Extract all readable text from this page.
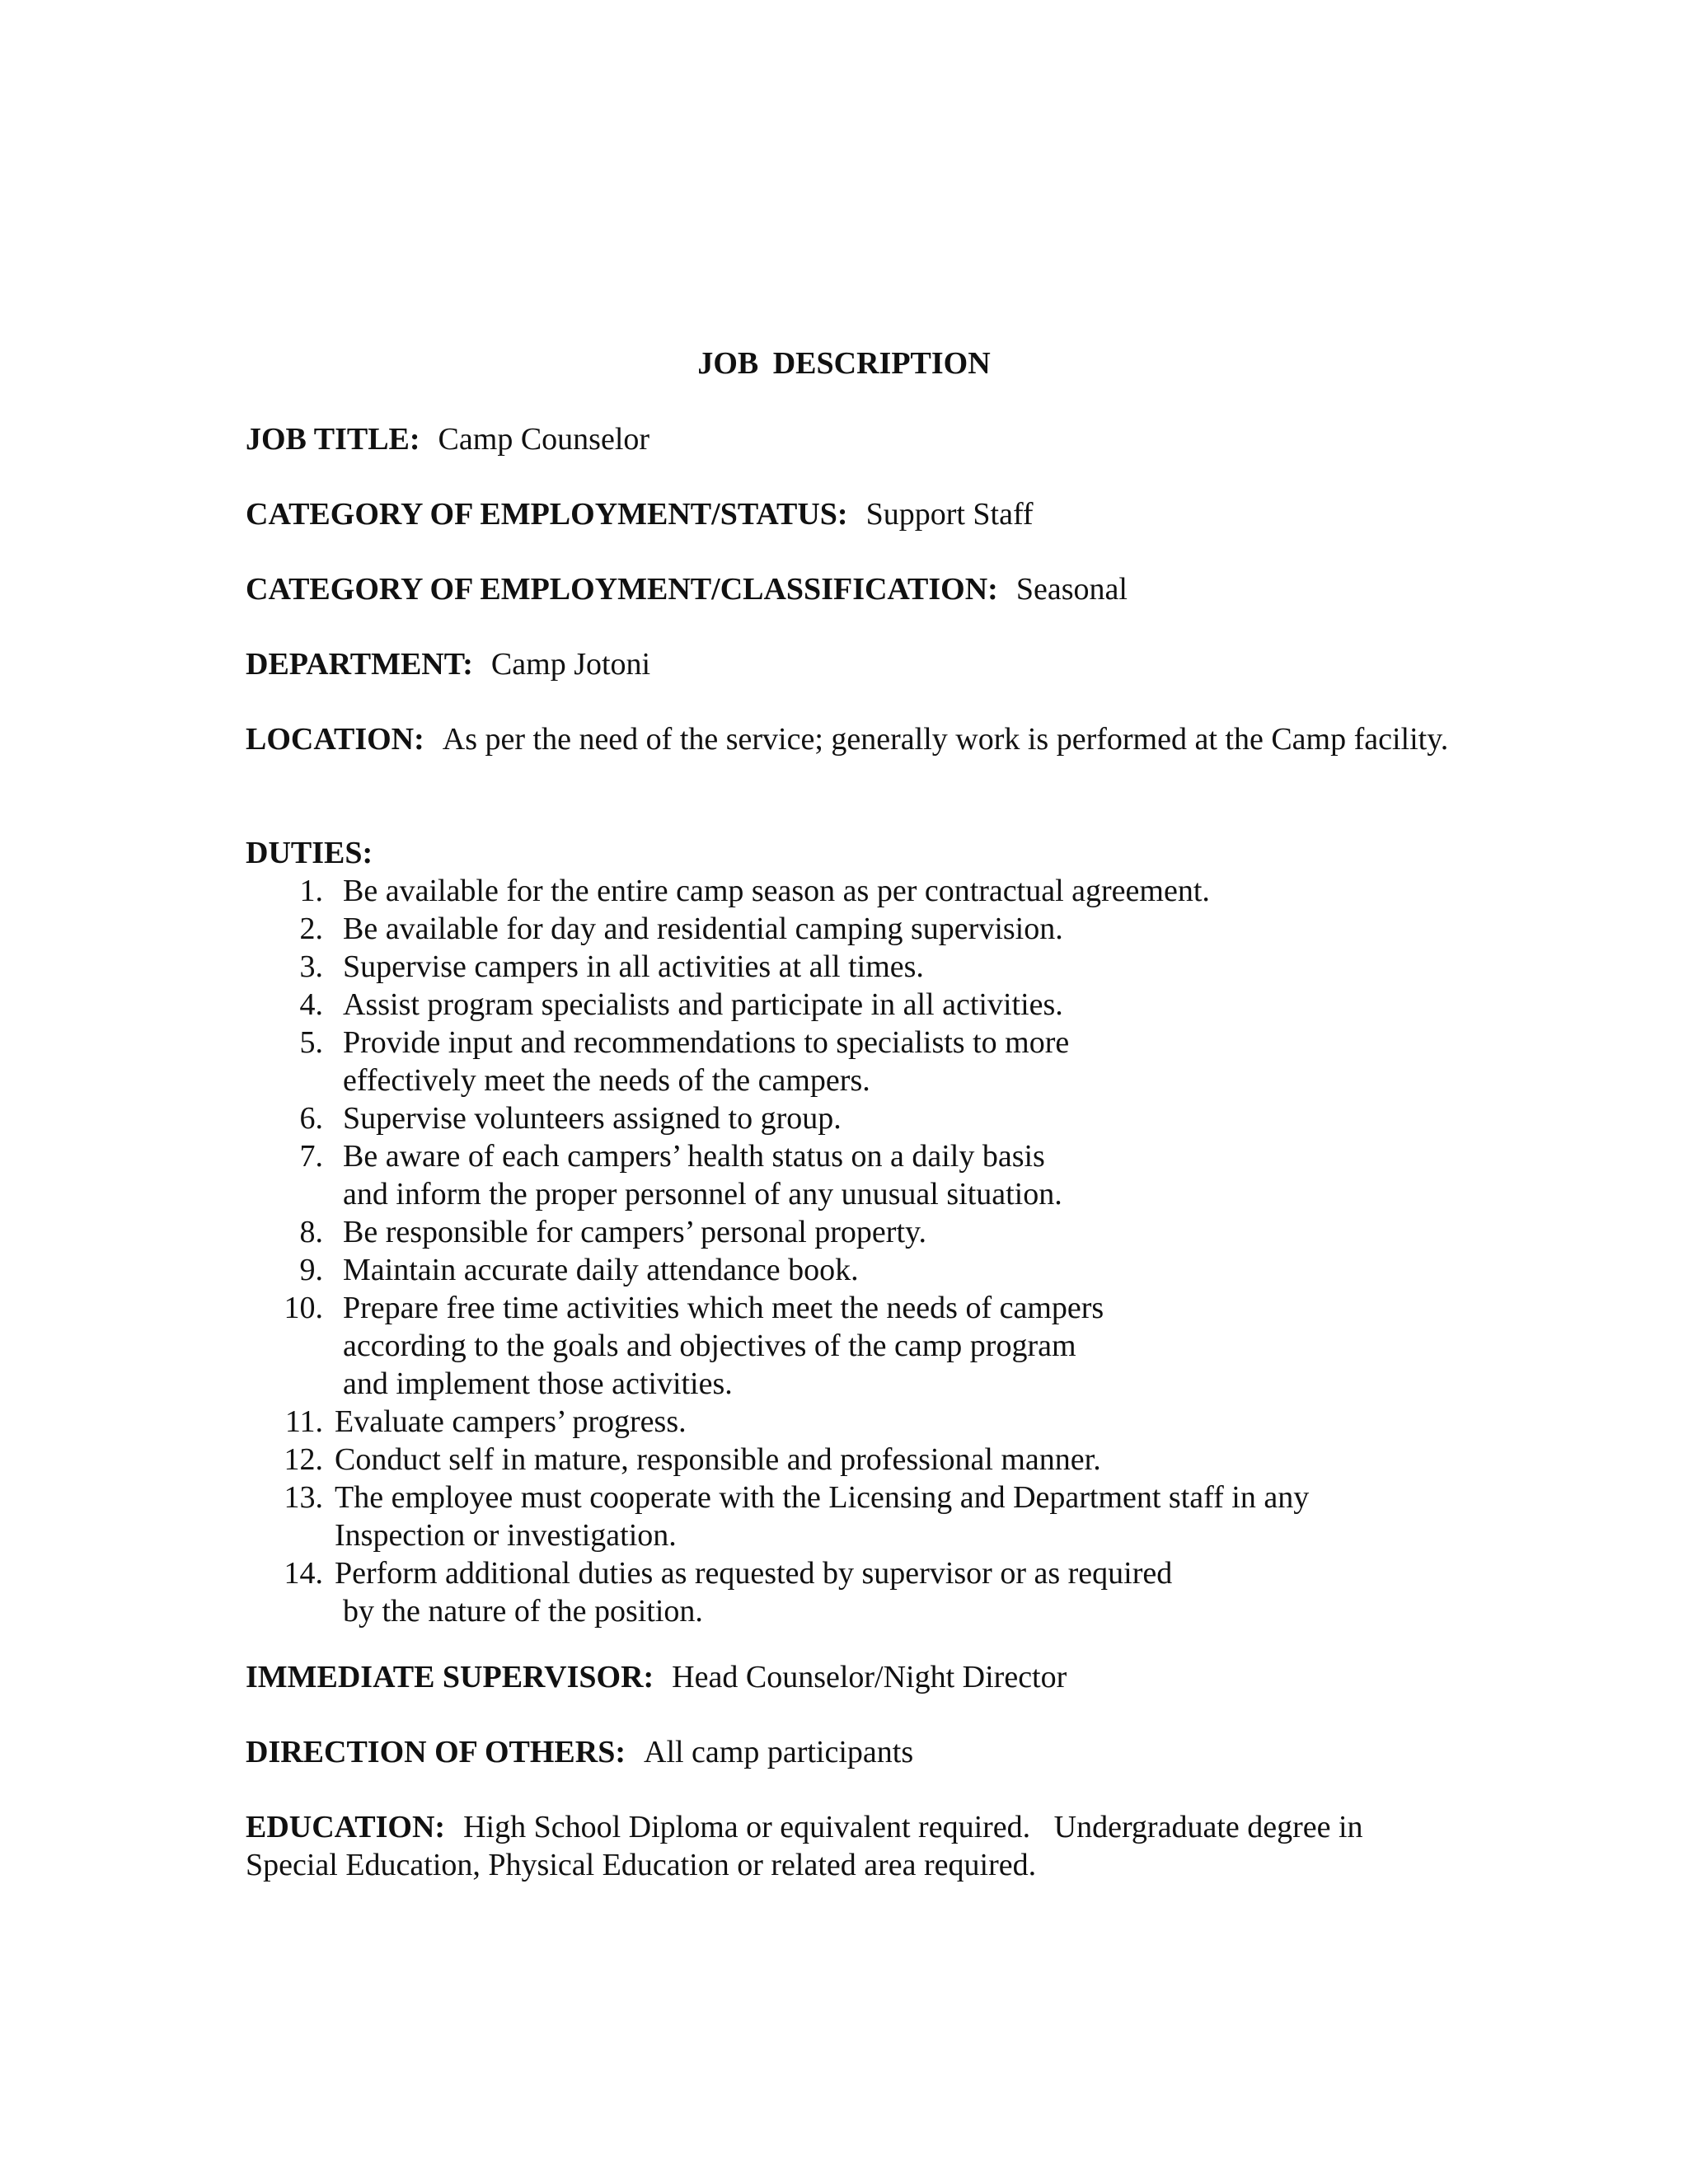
JOB DESCRIPTION

JOB TITLE: Camp Counselor

CATEGORY OF EMPLOYMENT/STATUS: Support Staff

CATEGORY OF EMPLOYMENT/CLASSIFICATION: Seasonal

DEPARTMENT: Camp Jotoni

LOCATION: As per the need of the service; generally work is performed at the Camp facility.

DUTIES:

1. Be available for the entire camp season as per contractual agreement.
2. Be available for day and residential camping supervision.
3. Supervise campers in all activities at all times.
4. Assist program specialists and participate in all activities.
5. Provide input and recommendations to specialists to more
effectively meet the needs of the campers.
6. Supervise volunteers assigned to group.
7. Be aware of each campers’ health status on a daily basis
and inform the proper personnel of any unusual situation.
8. Be responsible for campers’ personal property.
9. Maintain accurate daily attendance book.
10. Prepare free time activities which meet the needs of campers
according to the goals and objectives of the camp program
and implement those activities.
11. Evaluate campers’ progress.
12. Conduct self in mature, responsible and professional manner.
13. The employee must cooperate with the Licensing and Department staff in any
Inspection or investigation.
14. Perform additional duties as requested by supervisor or as required
by the nature of the position.

IMMEDIATE SUPERVISOR: Head Counselor/Night Director

DIRECTION OF OTHERS: All camp participants

EDUCATION: High School Diploma or equivalent required.   Undergraduate degree in Special Education, Physical Education or related area required.
